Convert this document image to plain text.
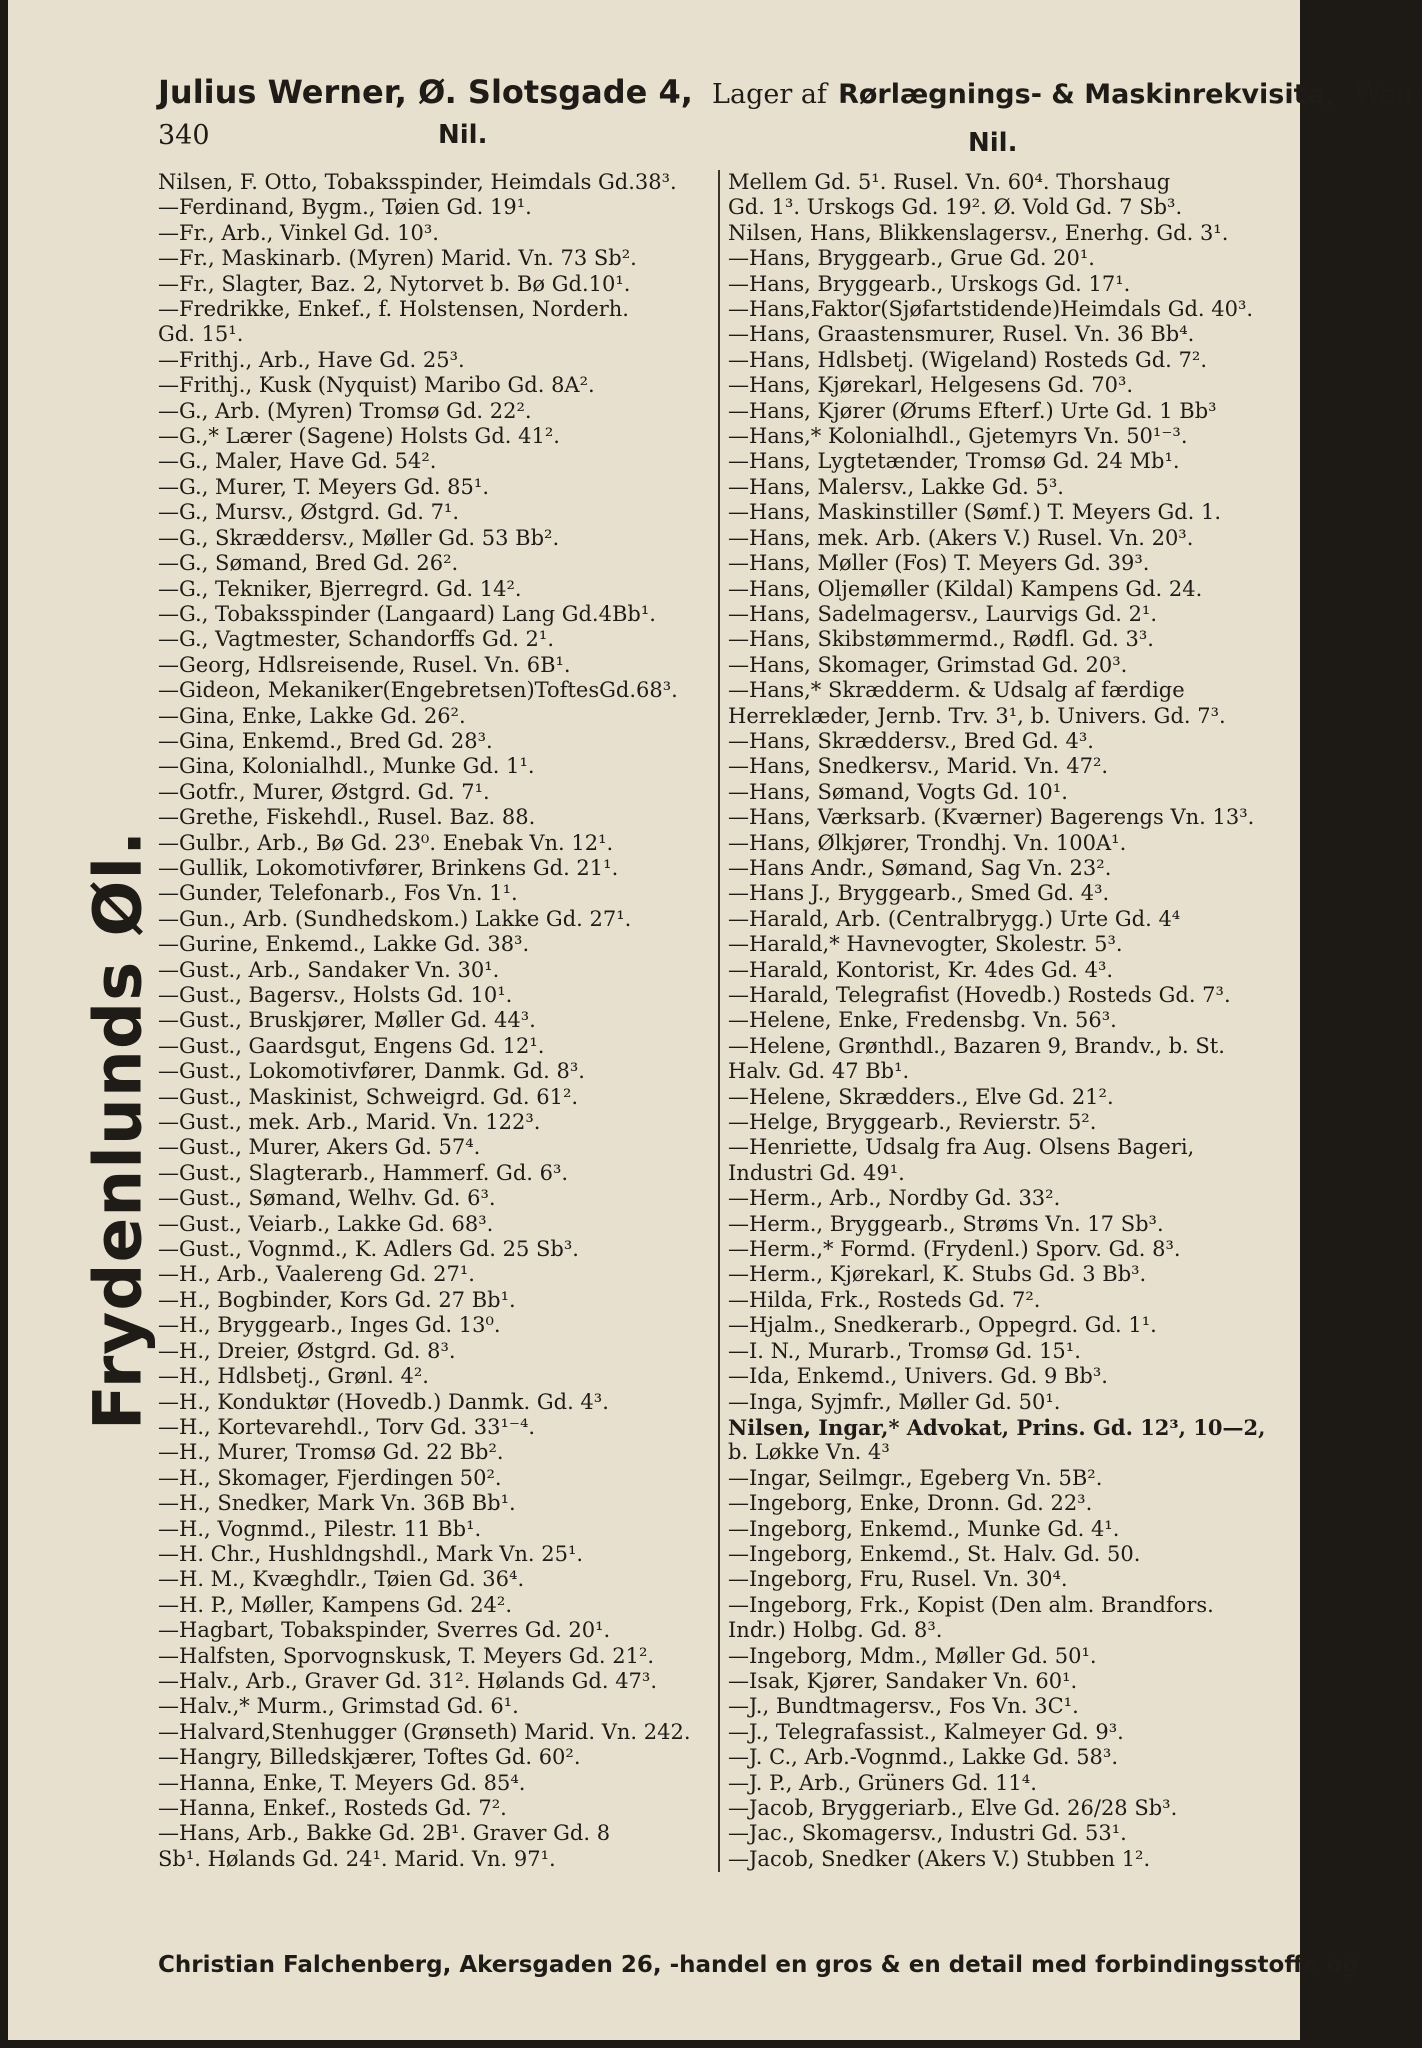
Julius Werner, Ø. Slotsgade 4, Lager af Rørlægnings- & Maskinrekvisita, Wen-
340	Nil.	Nil.
Frydenlunds Øl.
Nilsen, F. Otto, Tobaksspinder, Heimdals Gd.38³.
—Ferdinand, Bygm., Tøien Gd. 19¹.
—Fr., Arb., Vinkel Gd. 10³.
—Fr., Maskinarb. (Myren) Marid. Vn. 73 Sb².
—Fr., Slagter, Baz. 2, Nytorvet b. Bø Gd.10¹.
—Fredrikke, Enkef., f. Holstensen, Norderh.
Gd. 15¹.
—Frithj., Arb., Have Gd. 25³.
—Frithj., Kusk (Nyquist) Maribo Gd. 8A².
—G., Arb. (Myren) Tromsø Gd. 22².
—G.,* Lærer (Sagene) Holsts Gd. 41².
—G., Maler, Have Gd. 54².
—G., Murer, T. Meyers Gd. 85¹.
—G., Mursv., Østgrd. Gd. 7¹.
—G., Skræddersv., Møller Gd. 53 Bb².
—G., Sømand, Bred Gd. 26².
—G., Tekniker, Bjerregrd. Gd. 14².
—G., Tobaksspinder (Langaard) Lang Gd.4Bb¹.
—G., Vagtmester, Schandorffs Gd. 2¹.
—Georg, Hdlsreisende, Rusel. Vn. 6B¹.
—Gideon, Mekaniker(Engebretsen)ToftesGd.68³.
—Gina, Enke, Lakke Gd. 26².
—Gina, Enkemd., Bred Gd. 28³.
—Gina, Kolonialhdl., Munke Gd. 1¹.
—Gotfr., Murer, Østgrd. Gd. 7¹.
—Grethe, Fiskehdl., Rusel. Baz. 88.
—Gulbr., Arb., Bø Gd. 23⁰. Enebak Vn. 12¹.
—Gullik, Lokomotivfører, Brinkens Gd. 21¹.
—Gunder, Telefonarb., Fos Vn. 1¹.
—Gun., Arb. (Sundhedskom.) Lakke Gd. 27¹.
—Gurine, Enkemd., Lakke Gd. 38³.
—Gust., Arb., Sandaker Vn. 30¹.
—Gust., Bagersv., Holsts Gd. 10¹.
—Gust., Bruskjører, Møller Gd. 44³.
—Gust., Gaardsgut, Engens Gd. 12¹.
—Gust., Lokomotivfører, Danmk. Gd. 8³.
—Gust., Maskinist, Schweigrd. Gd. 61².
—Gust., mek. Arb., Marid. Vn. 122³.
—Gust., Murer, Akers Gd. 57⁴.
—Gust., Slagterarb., Hammerf. Gd. 6³.
—Gust., Sømand, Welhv. Gd. 6³.
—Gust., Veiarb., Lakke Gd. 68³.
—Gust., Vognmd., K. Adlers Gd. 25 Sb³.
—H., Arb., Vaalereng Gd. 27¹.
—H., Bogbinder, Kors Gd. 27 Bb¹.
—H., Bryggearb., Inges Gd. 13⁰.
—H., Dreier, Østgrd. Gd. 8³.
—H., Hdlsbetj., Grønl. 4².
—H., Konduktør (Hovedb.) Danmk. Gd. 4³.
—H., Kortevarehdl., Torv Gd. 33¹⁻⁴.
—H., Murer, Tromsø Gd. 22 Bb².
—H., Skomager, Fjerdingen 50².
—H., Snedker, Mark Vn. 36B Bb¹.
—H., Vognmd., Pilestr. 11 Bb¹.
—H. Chr., Hushldngshdl., Mark Vn. 25¹.
—H. M., Kvæghdlr., Tøien Gd. 36⁴.
—H. P., Møller, Kampens Gd. 24².
—Hagbart, Tobakspinder, Sverres Gd. 20¹.
—Halfsten, Sporvognskusk, T. Meyers Gd. 21².
—Halv., Arb., Graver Gd. 31². Hølands Gd. 47³.
—Halv.,* Murm., Grimstad Gd. 6¹.
—Halvard,Stenhugger (Grønseth) Marid. Vn. 242.
—Hangry, Billedskjærer, Toftes Gd. 60².
—Hanna, Enke, T. Meyers Gd. 85⁴.
—Hanna, Enkef., Rosteds Gd. 7².
—Hans, Arb., Bakke Gd. 2B¹. Graver Gd. 8
Sb¹. Hølands Gd. 24¹. Marid. Vn. 97¹.
Mellem Gd. 5¹. Rusel. Vn. 60⁴. Thorshaug
Gd. 1³. Urskogs Gd. 19². Ø. Vold Gd. 7 Sb³.
Nilsen, Hans, Blikkenslagersv., Enerhg. Gd. 3¹.
—Hans, Bryggearb., Grue Gd. 20¹.
—Hans, Bryggearb., Urskogs Gd. 17¹.
—Hans,Faktor(Sjøfartstidende)Heimdals Gd. 40³.
—Hans, Graastensmurer, Rusel. Vn. 36 Bb⁴.
—Hans, Hdlsbetj. (Wigeland) Rosteds Gd. 7².
—Hans, Kjørekarl, Helgesens Gd. 70³.
—Hans, Kjører (Ørums Efterf.) Urte Gd. 1 Bb³
—Hans,* Kolonialhdl., Gjetemyrs Vn. 50¹⁻³.
—Hans, Lygtetænder, Tromsø Gd. 24 Mb¹.
—Hans, Malersv., Lakke Gd. 5³.
—Hans, Maskinstiller (Sømf.) T. Meyers Gd. 1.
—Hans, mek. Arb. (Akers V.) Rusel. Vn. 20³.
—Hans, Møller (Fos) T. Meyers Gd. 39³.
—Hans, Oljemøller (Kildal) Kampens Gd. 24.
—Hans, Sadelmagersv., Laurvigs Gd. 2¹.
—Hans, Skibstømmermd., Rødfl. Gd. 3³.
—Hans, Skomager, Grimstad Gd. 20³.
—Hans,* Skrædderm. & Udsalg af færdige
Herreklæder, Jernb. Trv. 3¹, b. Univers. Gd. 7³.
—Hans, Skræddersv., Bred Gd. 4³.
—Hans, Snedkersv., Marid. Vn. 47².
—Hans, Sømand, Vogts Gd. 10¹.
—Hans, Værksarb. (Kværner) Bagerengs Vn. 13³.
—Hans, Ølkjører, Trondhj. Vn. 100A¹.
—Hans Andr., Sømand, Sag Vn. 23².
—Hans J., Bryggearb., Smed Gd. 4³.
—Harald, Arb. (Centralbrygg.) Urte Gd. 4⁴
—Harald,* Havnevogter, Skolestr. 5³.
—Harald, Kontorist, Kr. 4des Gd. 4³.
—Harald, Telegrafist (Hovedb.) Rosteds Gd. 7³.
—Helene, Enke, Fredensbg. Vn. 56³.
—Helene, Grønthdl., Bazaren 9, Brandv., b. St.
Halv. Gd. 47 Bb¹.
—Helene, Skrædders., Elve Gd. 21².
—Helge, Bryggearb., Revierstr. 5².
—Henriette, Udsalg fra Aug. Olsens Bageri,
Industri Gd. 49¹.
—Herm., Arb., Nordby Gd. 33².
—Herm., Bryggearb., Strøms Vn. 17 Sb³.
—Herm.,* Formd. (Frydenl.) Sporv. Gd. 8³.
—Herm., Kjørekarl, K. Stubs Gd. 3 Bb³.
—Hilda, Frk., Rosteds Gd. 7².
—Hjalm., Snedkerarb., Oppegrd. Gd. 1¹.
—I. N., Murarb., Tromsø Gd. 15¹.
—Ida, Enkemd., Univers. Gd. 9 Bb³.
—Inga, Syjmfr., Møller Gd. 50¹.
Nilsen, Ingar,* Advokat, Prins. Gd. 12³, 10—2,
b. Løkke Vn. 4³
—Ingar, Seilmgr., Egeberg Vn. 5B².
—Ingeborg, Enke, Dronn. Gd. 22³.
—Ingeborg, Enkemd., Munke Gd. 4¹.
—Ingeborg, Enkemd., St. Halv. Gd. 50.
—Ingeborg, Fru, Rusel. Vn. 30⁴.
—Ingeborg, Frk., Kopist (Den alm. Brandfors.
Indr.) Holbg. Gd. 8³.
—Ingeborg, Mdm., Møller Gd. 50¹.
—Isak, Kjører, Sandaker Vn. 60¹.
—J., Bundtmagersv., Fos Vn. 3C¹.
—J., Telegrafassist., Kalmeyer Gd. 9³.
—J. C., Arb.-Vognmd., Lakke Gd. 58³.
—J. P., Arb., Grüners Gd. 11⁴.
—Jacob, Bryggeriarb., Elve Gd. 26/28 Sb³.
—Jac., Skomagersv., Industri Gd. 53¹.
—Jacob, Snedker (Akers V.) Stubben 1².
Christian Falchenberg, Akersgaden 26, -handel en gros & en detail med forbindingsstoffe og
